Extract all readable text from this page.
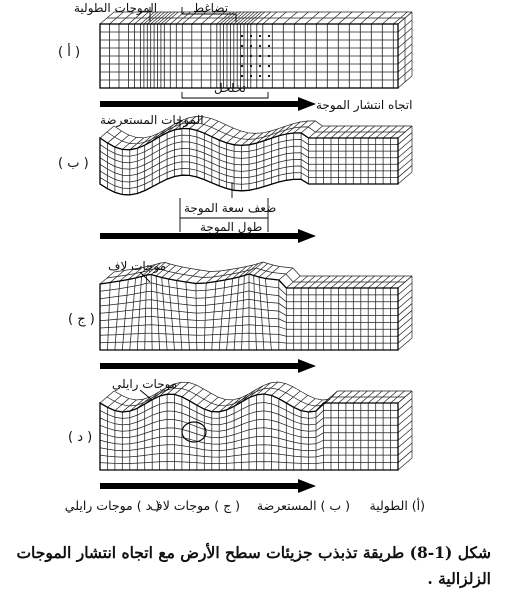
الموجات الطولية	تضاغط
( أ )
تخلخل
اتجاه انتشار الموجة
الموجات المستعرضة
( ب )
ضعف سعة الموجة
طول الموجة
موجات لاف
( ج )
موجات رايلي
( د )
(أ) الطولية
( ب ) المستعرضة
( ج ) موجات لاف
( د ) موجات رايلي
شكل (1-8) طريقة تذبذب جزيئات سطح الأرض مع اتجاه انتشار الموجات الزلزالية .
